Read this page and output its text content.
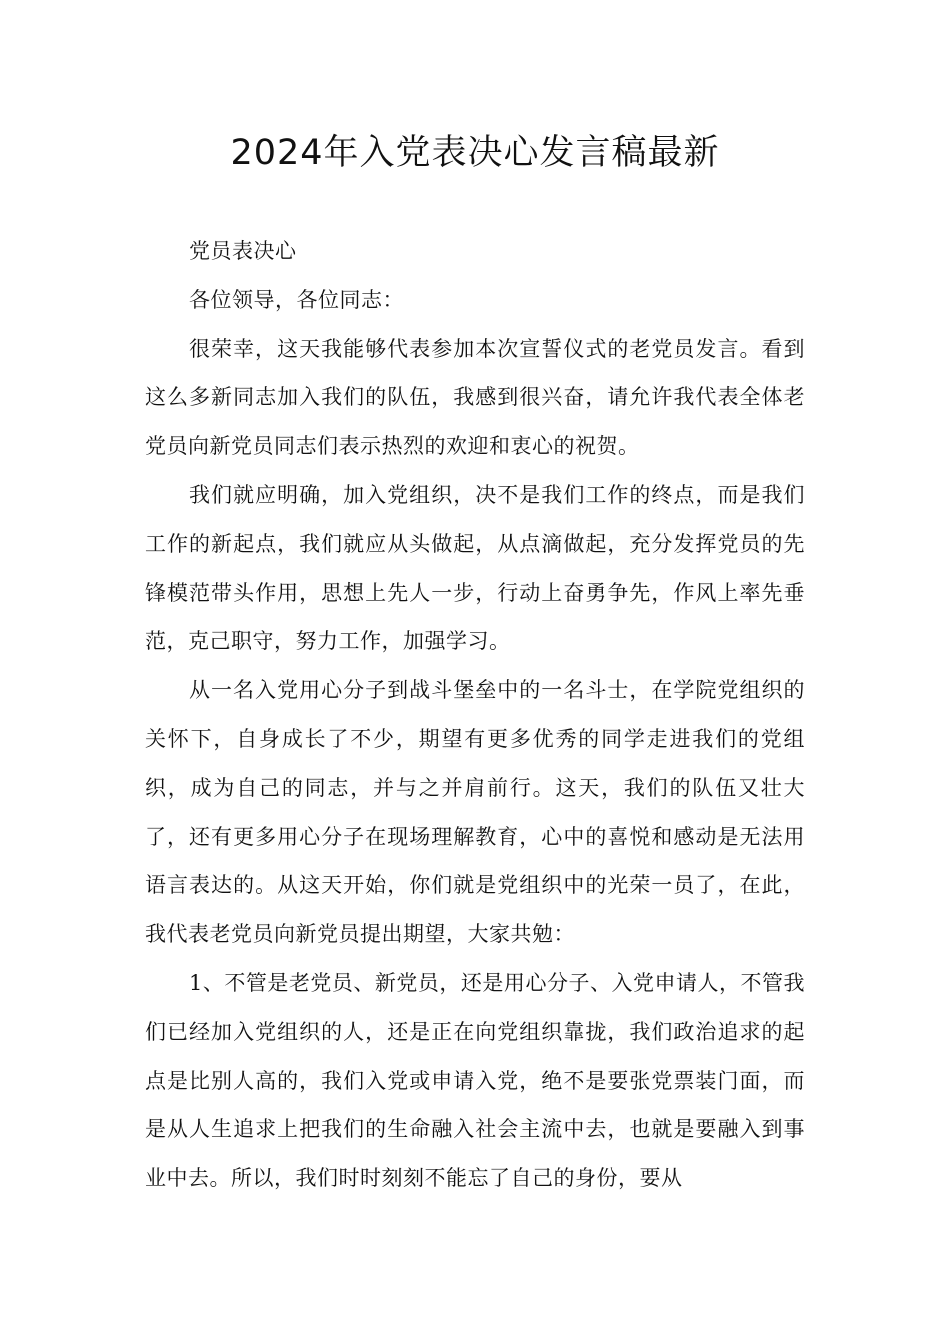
2024年入党表决心发言稿最新

党员表决心

各位领导，各位同志：

很荣幸，这天我能够代表参加本次宣誓仪式的老党员发言。看到这么多新同志加入我们的队伍，我感到很兴奋，请允许我代表全体老党员向新党员同志们表示热烈的欢迎和衷心的祝贺。

我们就应明确，加入党组织，决不是我们工作的终点，而是我们工作的新起点，我们就应从头做起，从点滴做起，充分发挥党员的先锋模范带头作用，思想上先人一步，行动上奋勇争先，作风上率先垂范，克己职守，努力工作，加强学习。

从一名入党用心分子到战斗堡垒中的一名斗士，在学院党组织的关怀下，自身成长了不少，期望有更多优秀的同学走进我们的党组织，成为自己的同志，并与之并肩前行。这天，我们的队伍又壮大了，还有更多用心分子在现场理解教育，心中的喜悦和感动是无法用语言表达的。从这天开始，你们就是党组织中的光荣一员了，在此，我代表老党员向新党员提出期望，大家共勉：

1、不管是老党员、新党员，还是用心分子、入党申请人，不管我们已经加入党组织的人，还是正在向党组织靠拢，我们政治追求的起点是比别人高的，我们入党或申请入党，绝不是要张党票装门面，而是从人生追求上把我们的生命融入社会主流中去，也就是要融入到事业中去。所以，我们时时刻刻不能忘了自己的身份，要从
